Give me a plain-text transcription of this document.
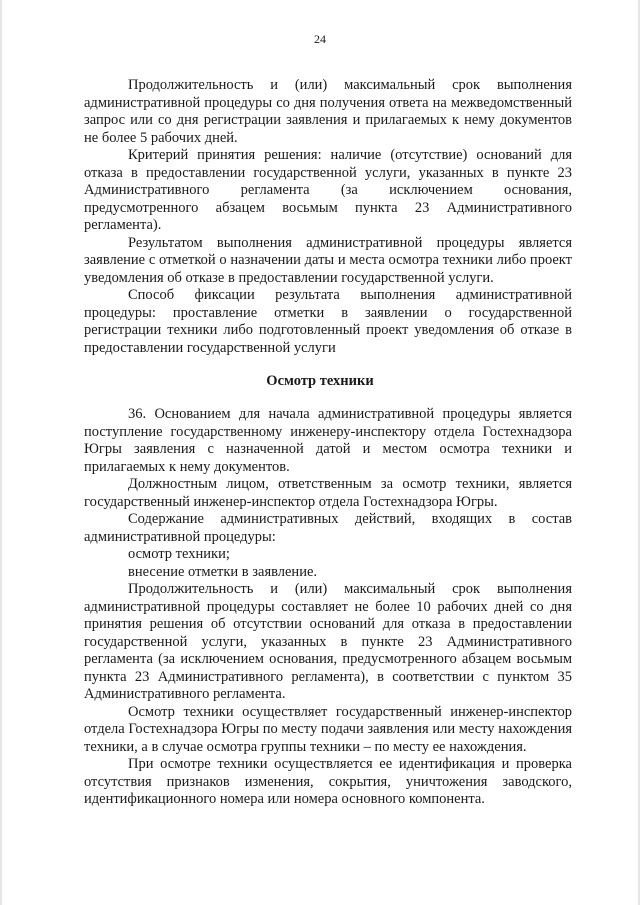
24

Продолжительность и (или) максимальный срок выполнения административной процедуры со дня получения ответа на межведомственный запрос или со дня регистрации заявления и прилагаемых к нему документов не более 5 рабочих дней.

Критерий принятия решения: наличие (отсутствие) оснований для отказа в предоставлении государственной услуги, указанных в пункте 23 Административного регламента (за исключением основания, предусмотренного абзацем восьмым пункта 23 Административного регламента).

Результатом выполнения административной процедуры является заявление с отметкой о назначении даты и места осмотра техники либо проект уведомления об отказе в предоставлении государственной услуги.

Способ фиксации результата выполнения административной процедуры: проставление отметки в заявлении о государственной регистрации техники либо подготовленный проект уведомления об отказе в предоставлении государственной услуги

Осмотр техники

36. Основанием для начала административной процедуры является поступление государственному инженеру-инспектору отдела Гостехнадзора Югры заявления с назначенной датой и местом осмотра техники и прилагаемых к нему документов.

Должностным лицом, ответственным за осмотр техники, является государственный инженер-инспектор отдела Гостехнадзора Югры.

Содержание административных действий, входящих в состав административной процедуры:

осмотр техники;

внесение отметки в заявление.

Продолжительность и (или) максимальный срок выполнения административной процедуры составляет не более 10 рабочих дней со дня принятия решения об отсутствии оснований для отказа в предоставлении государственной услуги, указанных в пункте 23 Административного регламента (за исключением основания, предусмотренного абзацем восьмым пункта 23 Административного регламента), в соответствии с пунктом 35 Административного регламента.

Осмотр техники осуществляет государственный инженер-инспектор отдела Гостехнадзора Югры по месту подачи заявления или месту нахождения техники, а в случае осмотра группы техники – по месту ее нахождения.

При осмотре техники осуществляется ее идентификация и проверка отсутствия признаков изменения, сокрытия, уничтожения заводского, идентификационного номера или номера основного компонента.
